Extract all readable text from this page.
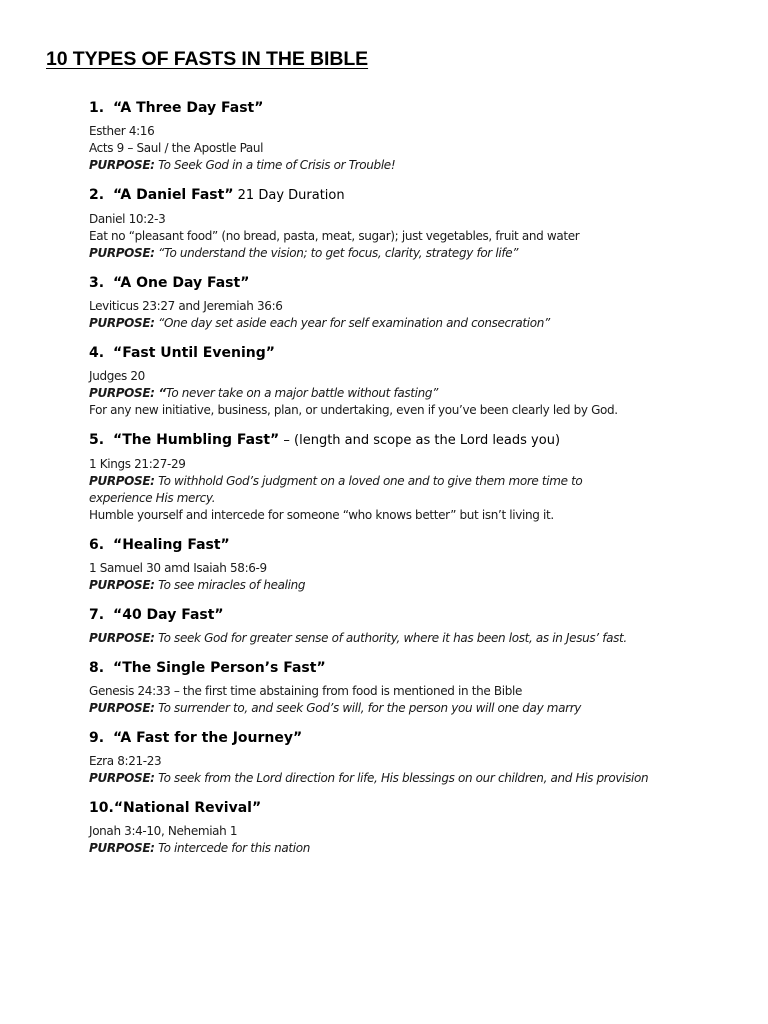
10 TYPES OF FASTS IN THE BIBLE
1. “A Three Day Fast”

Esther 4:16

Acts 9 – Saul / the Apostle Paul

PURPOSE: To Seek God in a time of Crisis or Trouble!

2. “A Daniel Fast” 21 Day Duration

Daniel 10:2-3

Eat no “pleasant food” (no bread, pasta, meat, sugar); just vegetables, fruit and water

PURPOSE: “To understand the vision; to get focus, clarity, strategy for life”

3. “A One Day Fast”

Leviticus 23:27 and Jeremiah 36:6

PURPOSE: “One day set aside each year for self examination and consecration”

4. “Fast Until Evening”

Judges 20

PURPOSE: “To never take on a major battle without fasting”

For any new initiative, business, plan, or undertaking, even if you’ve been clearly led by God.

5. “The Humbling Fast” – (length and scope as the Lord leads you)

1 Kings 21:27-29

PURPOSE: To withhold God’s judgment on a loved one and to give them more time to experience His mercy.

Humble yourself and intercede for someone “who knows better” but isn’t living it.

6. “Healing Fast”

1 Samuel 30 amd Isaiah 58:6-9

PURPOSE: To see miracles of healing

7. “40 Day Fast”

PURPOSE: To seek God for greater sense of authority, where it has been lost, as in Jesus’ fast.

8. “The Single Person’s Fast”

Genesis 24:33 – the first time abstaining from food is mentioned in the Bible

PURPOSE: To surrender to, and seek God’s will, for the person you will one day marry

9. “A Fast for the Journey”

Ezra 8:21-23

PURPOSE: To seek from the Lord direction for life, His blessings on our children, and His provision

10.“National Revival”

Jonah 3:4-10, Nehemiah 1

PURPOSE: To intercede for this nation
